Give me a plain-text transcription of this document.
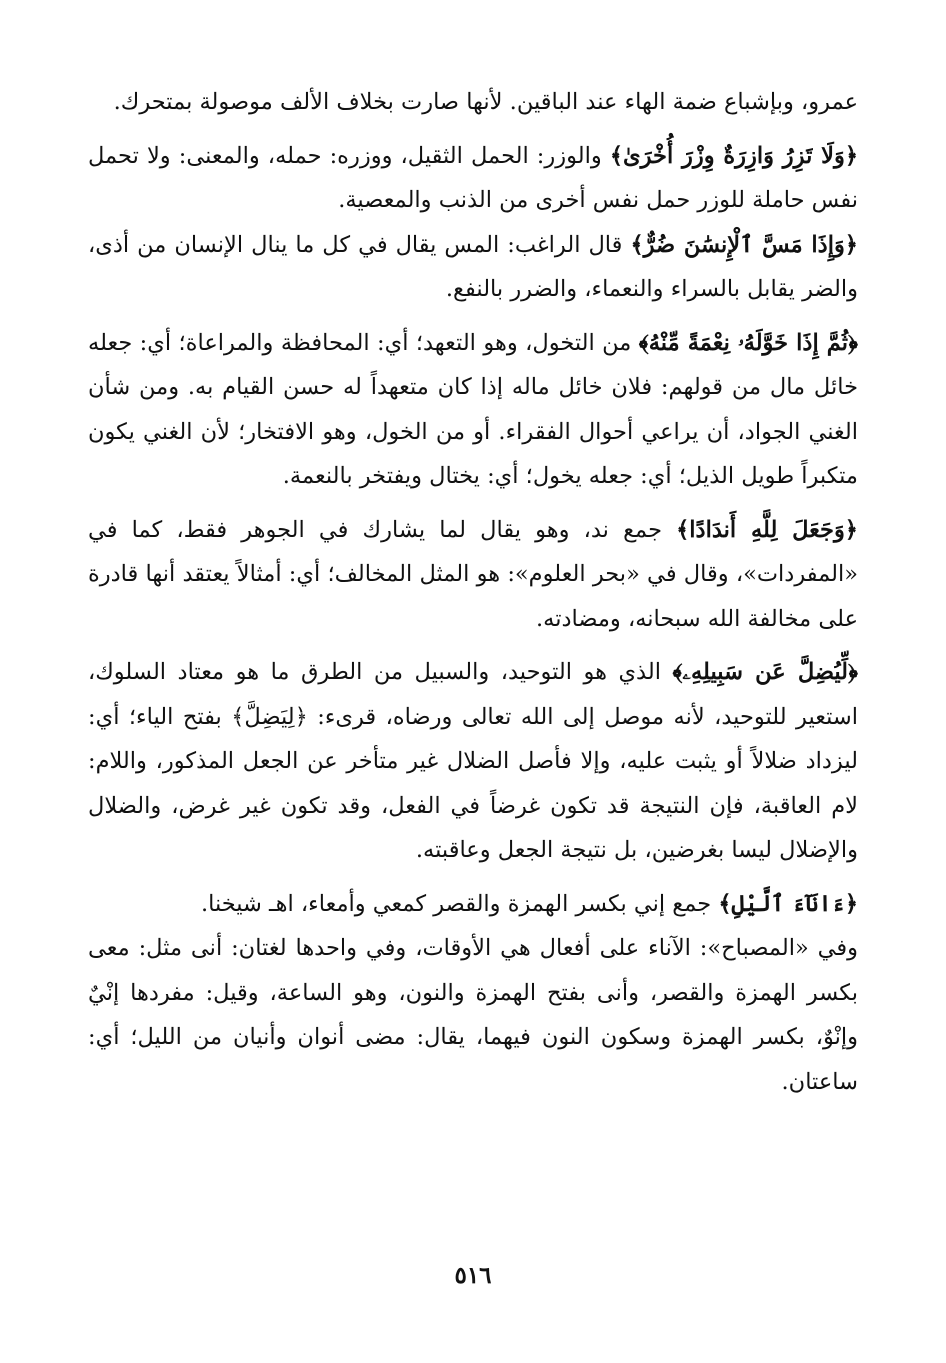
عمرو، وبإشباع ضمة الهاء عند الباقين. لأنها صارت بخلاف الألف موصولة بمتحرك.

﴿وَلَا تَزِرُ وَازِرَةٌ وِزْرَ أُخْرَىٰ﴾ والوزر: الحمل الثقيل، ووزره: حمله، والمعنى: ولا تحمل نفس حاملة للوزر حمل نفس أخرى من الذنب والمعصية.

﴿وَإِذَا مَسَّ ٱلْإِنسَٰنَ ضُرٌّ﴾ قال الراغب: المس يقال في كل ما ينال الإنسان من أذى، والضر يقابل بالسراء والنعماء، والضرر بالنفع.

﴿ثُمَّ إِذَا خَوَّلَهُۥ نِعْمَةً مِّنْهُ﴾ من التخول، وهو التعهد؛ أي: المحافظة والمراعاة؛ أي: جعله خائل مال من قولهم: فلان خائل ماله إذا كان متعهداً له حسن القيام به. ومن شأن الغني الجواد، أن يراعي أحوال الفقراء. أو من الخول، وهو الافتخار؛ لأن الغني يكون متكبراً طويل الذيل؛ أي: جعله يخول؛ أي: يختال ويفتخر بالنعمة.

﴿وَجَعَلَ لِلَّهِ أَندَادًا﴾ جمع ند، وهو يقال لما يشارك في الجوهر فقط، كما في «المفردات»، وقال في «بحر العلوم»: هو المثل المخالف؛ أي: أمثالاً يعتقد أنها قادرة على مخالفة الله سبحانه، ومضادته.

﴿لِّيُضِلَّ عَن سَبِيلِهِۦ﴾ الذي هو التوحيد، والسبيل من الطرق ما هو معتاد السلوك، استعير للتوحيد، لأنه موصل إلى الله تعالى ورضاه، قرىء: ﴿لِيَضِلَّ﴾ بفتح الياء؛ أي: ليزداد ضلالاً أو يثبت عليه، وإلا فأصل الضلال غير متأخر عن الجعل المذكور، واللام: لام العاقبة، فإن النتيجة قد تكون غرضاً في الفعل، وقد تكون غير غرض، والضلال والإضلال ليسا بغرضين، بل نتيجة الجعل وعاقبته.

﴿ءَانَآءَ ٱلَّيْلِ﴾ جمع إني بكسر الهمزة والقصر كمعي وأمعاء، اهـ شيخنا.

وفي «المصباح»: الآناء على أفعال هي الأوقات، وفي واحدها لغتان: أنى مثل: معى بكسر الهمزة والقصر، وأنى بفتح الهمزة والنون، وهو الساعة، وقيل: مفردها إنْيٌ وإنْوٌ، بكسر الهمزة وسكون النون فيهما، يقال: مضى أنوان وأنيان من الليل؛ أي: ساعتان.

٥١٦
